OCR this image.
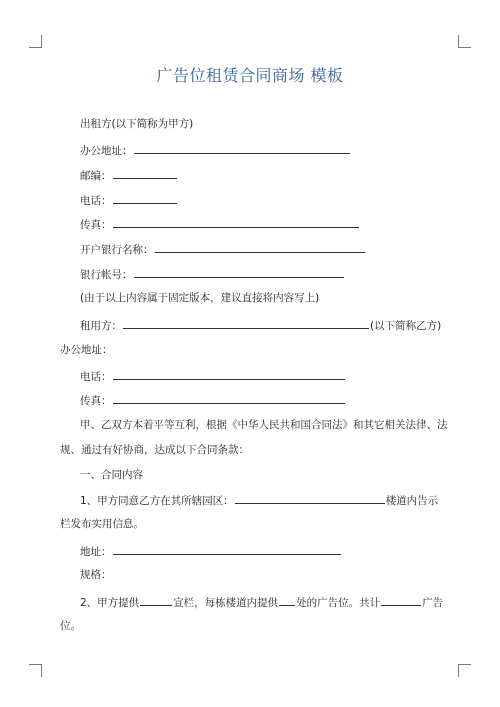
广告位租赁合同商场 模板
出租方(以下简称为甲方)
办公地址：
邮编：
电话：
传真：
开户银行名称：
银行帐号：
(由于以上内容属于固定版本，建议直接将内容写上)
租用方：	(以下简称乙方)
办公地址：
电话：
传真：
甲、乙双方本着平等互利，根据《中华人民共和国合同法》和其它相关法律、法
规、通过有好协商，达成以下合同条款：
一、合同内容
1、甲方同意乙方在其所辖园区：	楼道内告示
栏发布实用信息。
地址：
规格：
2、甲方提供	宣栏，每栋楼道内提供 处的广告位。共计	广告
位。
